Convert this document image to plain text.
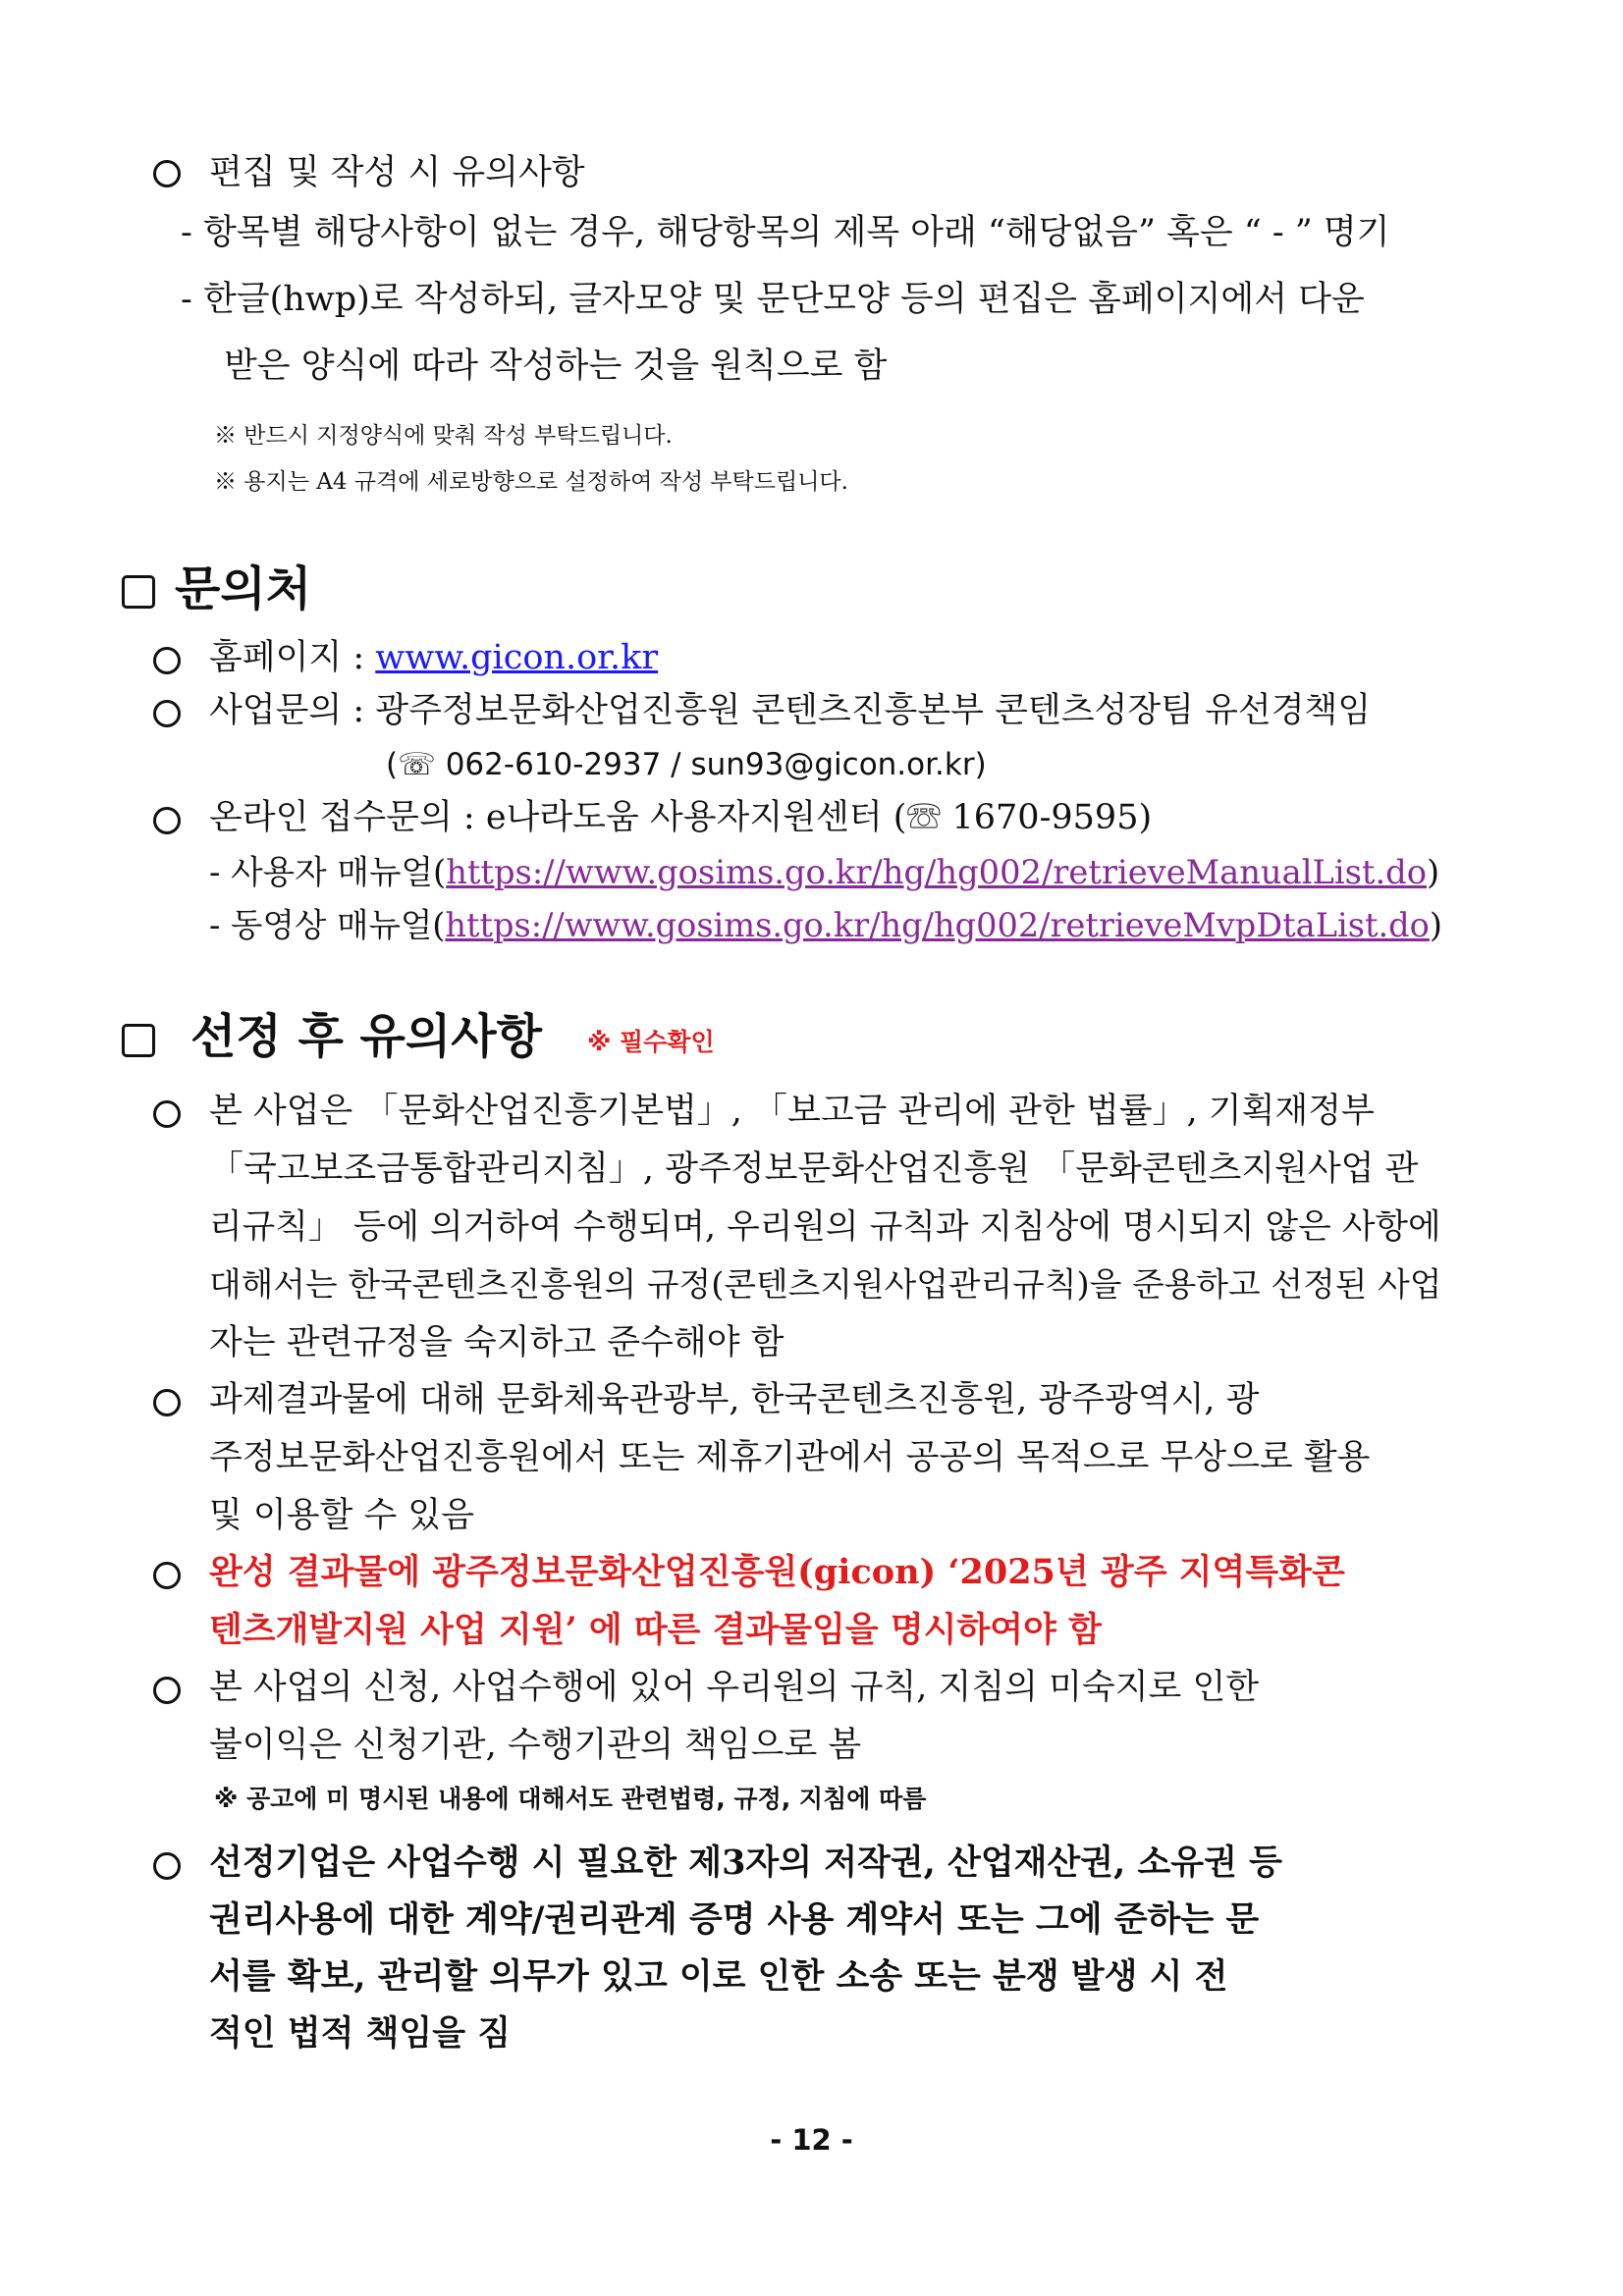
편집 및 작성 시 유의사항
- 항목별 해당사항이 없는 경우, 해당항목의 제목 아래 “해당없음” 혹은 “ - ” 명기
- 한글(hwp)로 작성하되, 글자모양 및 문단모양 등의 편집은 홈페이지에서 다운
받은 양식에 따라 작성하는 것을 원칙으로 함
※ 반드시 지정양식에 맞춰 작성 부탁드립니다.
※ 용지는 A4 규격에 세로방향으로 설정하여 작성 부탁드립니다.
문의처
홈페이지 : www.gicon.or.kr
사업문의 : 광주정보문화산업진흥원 콘텐츠진흥본부 콘텐츠성장팀 유선경책임
(☏ 062-610-2937 / sun93@gicon.or.kr)
온라인 접수문의 : e나라도움 사용자지원센터 (☏ 1670-9595)
- 사용자 매뉴얼(https://www.gosims.go.kr/hg/hg002/retrieveManualList.do)
- 동영상 매뉴얼(https://www.gosims.go.kr/hg/hg002/retrieveMvpDtaList.do)
선정 후 유의사항 ※ 필수확인
본 사업은 「문화산업진흥기본법」, 「보고금 관리에 관한 법률」, 기획재정부
「국고보조금통합관리지침」, 광주정보문화산업진흥원 「문화콘텐츠지원사업 관
리규칙」 등에 의거하여 수행되며, 우리원의 규칙과 지침상에 명시되지 않은 사항에
대해서는 한국콘텐츠진흥원의 규정(콘텐츠지원사업관리규칙)을 준용하고 선정된 사업
자는 관련규정을 숙지하고 준수해야 함
과제결과물에 대해 문화체육관광부, 한국콘텐츠진흥원, 광주광역시, 광
주정보문화산업진흥원에서 또는 제휴기관에서 공공의 목적으로 무상으로 활용
및 이용할 수 있음
완성 결과물에 광주정보문화산업진흥원(gicon) ‘2025년 광주 지역특화콘
텐츠개발지원 사업 지원’ 에 따른 결과물임을 명시하여야 함
본 사업의 신청, 사업수행에 있어 우리원의 규칙, 지침의 미숙지로 인한
불이익은 신청기관, 수행기관의 책임으로 봄
※ 공고에 미 명시된 내용에 대해서도 관련법령, 규정, 지침에 따름
선정기업은 사업수행 시 필요한 제3자의 저작권, 산업재산권, 소유권 등
권리사용에 대한 계약/권리관계 증명 사용 계약서 또는 그에 준하는 문
서를 확보, 관리할 의무가 있고 이로 인한 소송 또는 분쟁 발생 시 전
적인 법적 책임을 짐
- 12 -
